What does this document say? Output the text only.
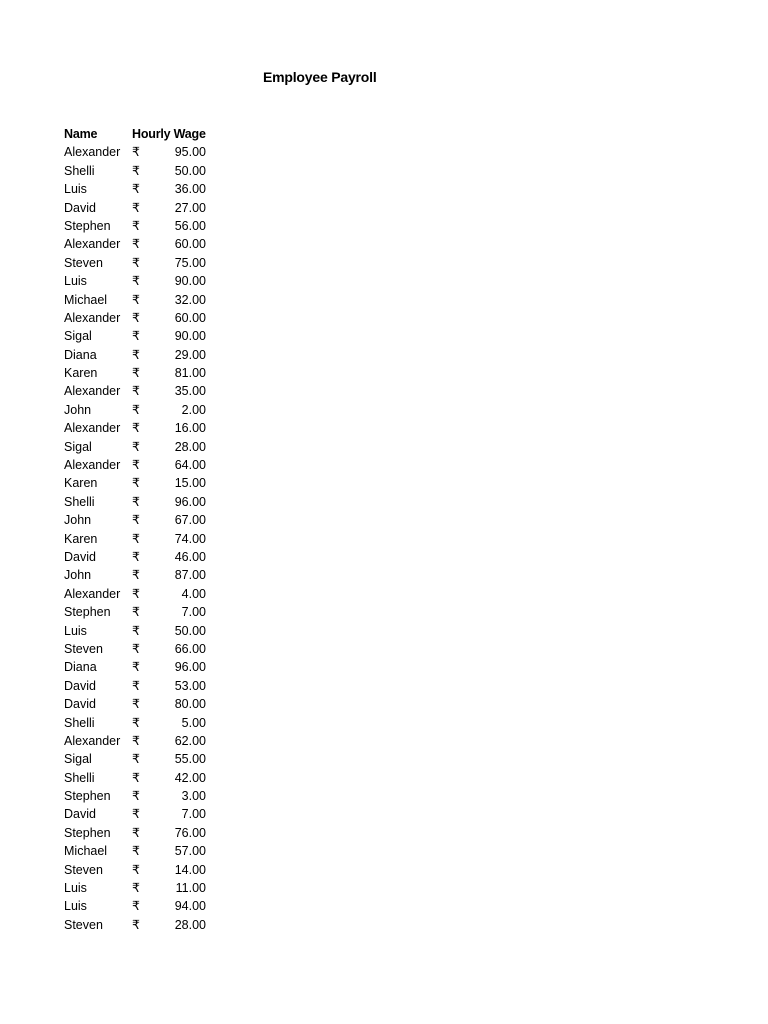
Employee Payroll
Name	Hourly Wage
Alexander ₹	95.00
Shelli	₹	50.00
Luis	₹	36.00
David	₹	27.00
Stephen ₹	56.00
Alexander ₹	60.00
Steven ₹	75.00
Luis	₹	90.00
Michael ₹	32.00
Alexander ₹	60.00
Sigal	₹	90.00
Diana	₹	29.00
Karen	₹	81.00
Alexander ₹	35.00
John	₹	2.00
Alexander ₹	16.00
Sigal	₹	28.00
Alexander ₹	64.00
Karen	₹	15.00
Shelli	₹	96.00
John	₹	67.00
Karen	₹	74.00
David	₹	46.00
John	₹	87.00
Alexander ₹	4.00
Stephen ₹	7.00
Luis	₹	50.00
Steven ₹	66.00
Diana	₹	96.00
David	₹	53.00
David	₹	80.00
Shelli	₹	5.00
Alexander ₹	62.00
Sigal	₹	55.00
Shelli	₹	42.00
Stephen ₹	3.00
David	₹	7.00
Stephen ₹	76.00
Michael ₹	57.00
Steven ₹	14.00
Luis	₹	11.00
Luis	₹	94.00
Steven ₹	28.00
